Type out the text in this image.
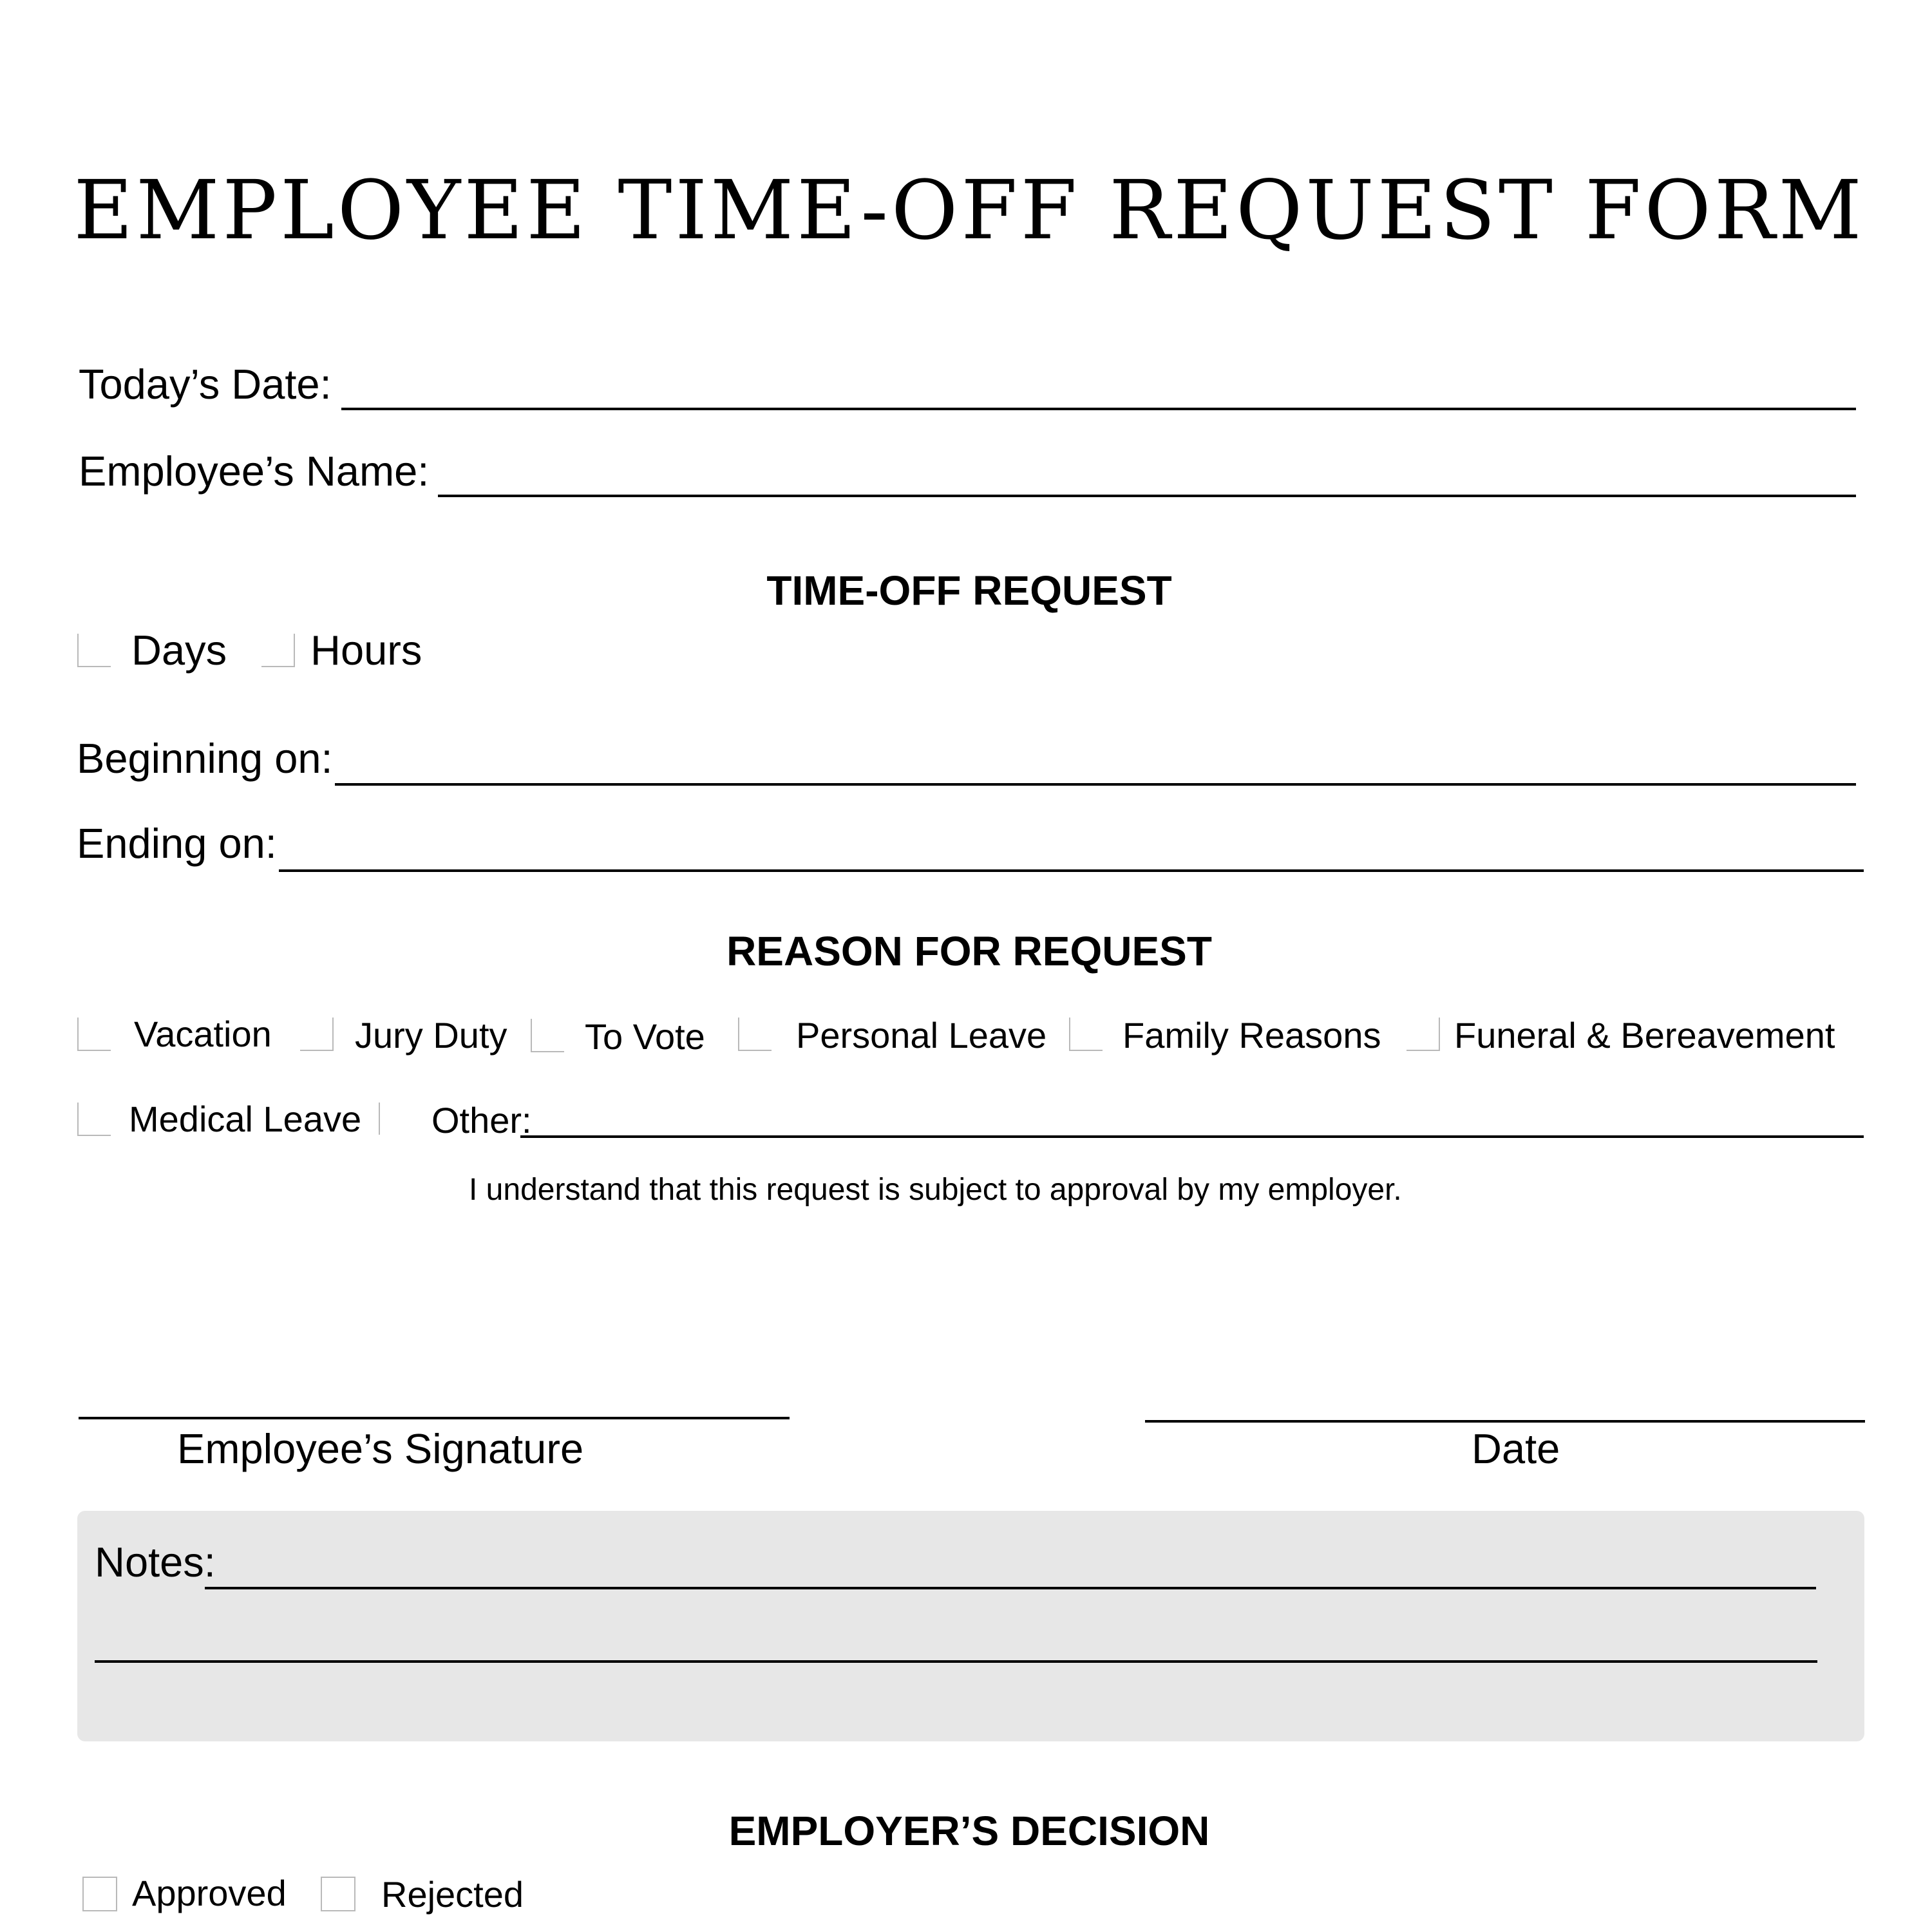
EMPLOYEE TIME-OFF REQUEST FORM
Today’s Date:
Employee’s Name:
TIME-OFF REQUEST
Days Hours
Beginning on:
Ending on:
REASON FOR REQUEST
Vacation Jury Duty To Vote	Personal Leave Family Reasons Funeral & Bereavement
Medical Leave Other:
I understand that this request is subject to approval by my employer.
Employee’s Signature	Date
Notes:
EMPLOYER’S DECISION
Approved	Rejected
